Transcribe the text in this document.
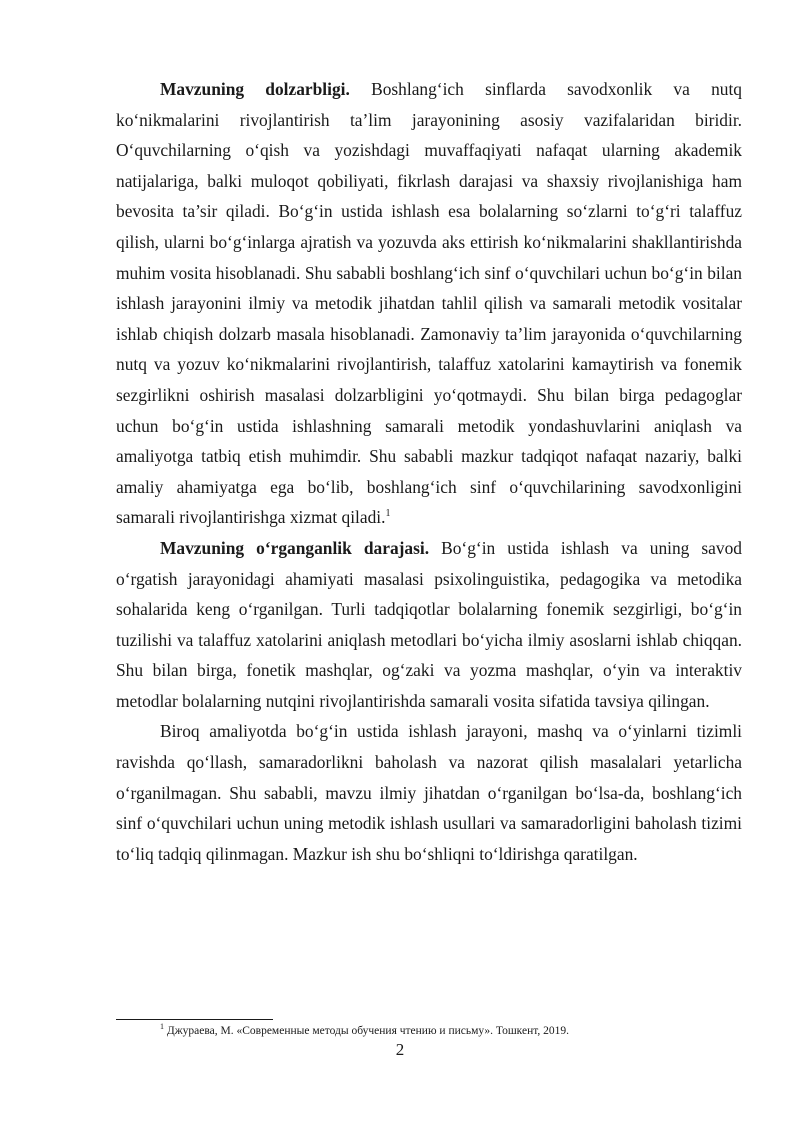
Mavzuning dolzarbligi. Boshlang‘ich sinflarda savodxonlik va nutq ko‘nikmalarini rivojlantirish ta’lim jarayonining asosiy vazifalaridan biridir. O‘quvchilarning o‘qish va yozishdagi muvaffaqiyati nafaqat ularning akademik natijalariga, balki muloqot qobiliyati, fikrlash darajasi va shaxsiy rivojlanishiga ham bevosita ta’sir qiladi. Bo‘g‘in ustida ishlash esa bolalarning so‘zlarni to‘g‘ri talaffuz qilish, ularni bo‘g‘inlarga ajratish va yozuvda aks ettirish ko‘nikmalarini shakllantirishda muhim vosita hisoblanadi. Shu sababli boshlang‘ich sinf o‘quvchilari uchun bo‘g‘in bilan ishlash jarayonini ilmiy va metodik jihatdan tahlil qilish va samarali metodik vositalar ishlab chiqish dolzarb masala hisoblanadi. Zamonaviy ta’lim jarayonida o‘quvchilarning nutq va yozuv ko‘nikmalarini rivojlantirish, talaffuz xatolarini kamaytirish va fonemik sezgirlikni oshirish masalasi dolzarbligini yo‘qotmaydi. Shu bilan birga pedagoglar uchun bo‘g‘in ustida ishlashning samarali metodik yondashuvlarini aniqlash va amaliyotga tatbiq etish muhimdir. Shu sababli mazkur tadqiqot nafaqat nazariy, balki amaliy ahamiyatga ega bo‘lib, boshlang‘ich sinf o‘quvchilarining savodxonligini samarali rivojlantirishga xizmat qiladi.$^1$

Mavzuning o‘rganganlik darajasi. Bo‘g‘in ustida ishlash va uning savod o‘rgatish jarayonidagi ahamiyati masalasi psixolinguistika, pedagogika va metodika sohalarida keng o‘rganilgan. Turli tadqiqotlar bolalarning fonemik sezgirligi, bo‘g‘in tuzilishi va talaffuz xatolarini aniqlash metodlari bo‘yicha ilmiy asoslarni ishlab chiqqan. Shu bilan birga, fonetik mashqlar, og‘zaki va yozma mashqlar, o‘yin va interaktiv metodlar bolalarning nutqini rivojlantirishda samarali vosita sifatida tavsiya qilingan.

Biroq amaliyotda bo‘g‘in ustida ishlash jarayoni, mashq va o‘yinlarni tizimli ravishda qo‘llash, samaradorlikni baholash va nazorat qilish masalalari yetarlicha o‘rganilmagan. Shu sababli, mavzu ilmiy jihatdan o‘rganilgan bo‘lsa-da, boshlang‘ich sinf o‘quvchilari uchun uning metodik ishlash usullari va samaradorligini baholash tizimi to‘liq tadqiq qilinmagan. Mazkur ish shu bo‘shliqni to‘ldirishga qaratilgan.

$^1$ Джураева, М. «Современные методы обучения чтению и письму». Тошкент, 2019.
2
